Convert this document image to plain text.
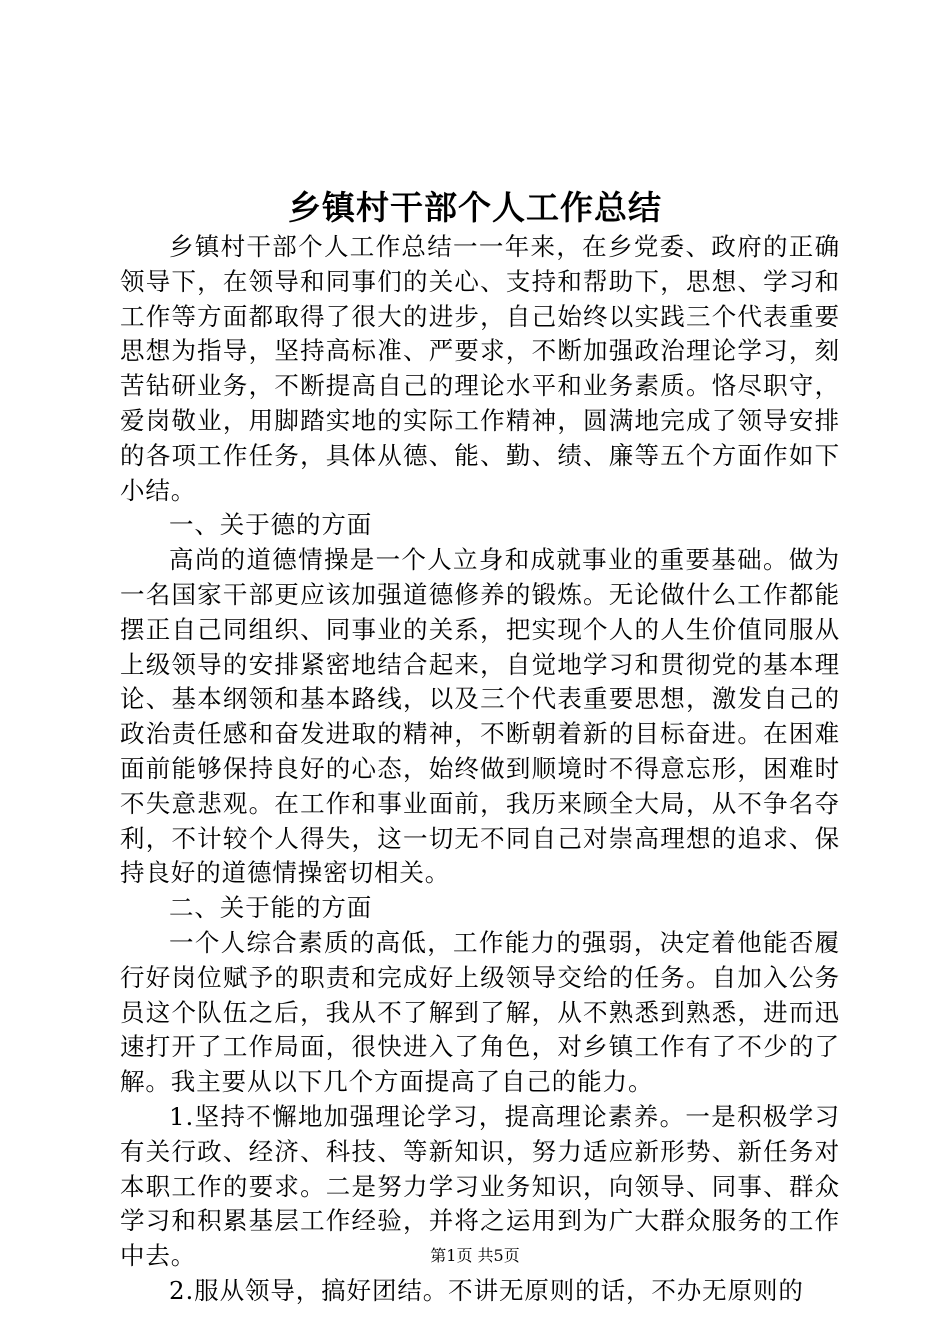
乡镇村干部个人工作总结

乡镇村干部个人工作总结一一年来，在乡党委、政府的正确领导下，在领导和同事们的关心、支持和帮助下，思想、学习和工作等方面都取得了很大的进步，自己始终以实践三个代表重要思想为指导，坚持高标准、严要求，不断加强政治理论学习，刻苦钻研业务，不断提高自己的理论水平和业务素质。恪尽职守，爱岗敬业，用脚踏实地的实际工作精神，圆满地完成了领导安排的各项工作任务，具体从德、能、勤、绩、廉等五个方面作如下小结。

一、关于德的方面

高尚的道德情操是一个人立身和成就事业的重要基础。做为一名国家干部更应该加强道德修养的锻炼。无论做什么工作都能摆正自己同组织、同事业的关系，把实现个人的人生价值同服从上级领导的安排紧密地结合起来，自觉地学习和贯彻党的基本理论、基本纲领和基本路线，以及三个代表重要思想，激发自己的政治责任感和奋发进取的精神，不断朝着新的目标奋进。在困难面前能够保持良好的心态，始终做到顺境时不得意忘形，困难时不失意悲观。在工作和事业面前，我历来顾全大局，从不争名夺利，不计较个人得失，这一切无不同自己对崇高理想的追求、保持良好的道德情操密切相关。

二、关于能的方面

一个人综合素质的高低，工作能力的强弱，决定着他能否履行好岗位赋予的职责和完成好上级领导交给的任务。自加入公务员这个队伍之后，我从不了解到了解，从不熟悉到熟悉，进而迅速打开了工作局面，很快进入了角色，对乡镇工作有了不少的了解。我主要从以下几个方面提高了自己的能力。

1.坚持不懈地加强理论学习，提高理论素养。一是积极学习有关行政、经济、科技、等新知识，努力适应新形势、新任务对本职工作的要求。二是努力学习业务知识，向领导、同事、群众学习和积累基层工作经验，并将之运用到为广大群众服务的工作中去。

2.服从领导，搞好团结。不讲无原则的话，不办无原则的

第1页 共5页
